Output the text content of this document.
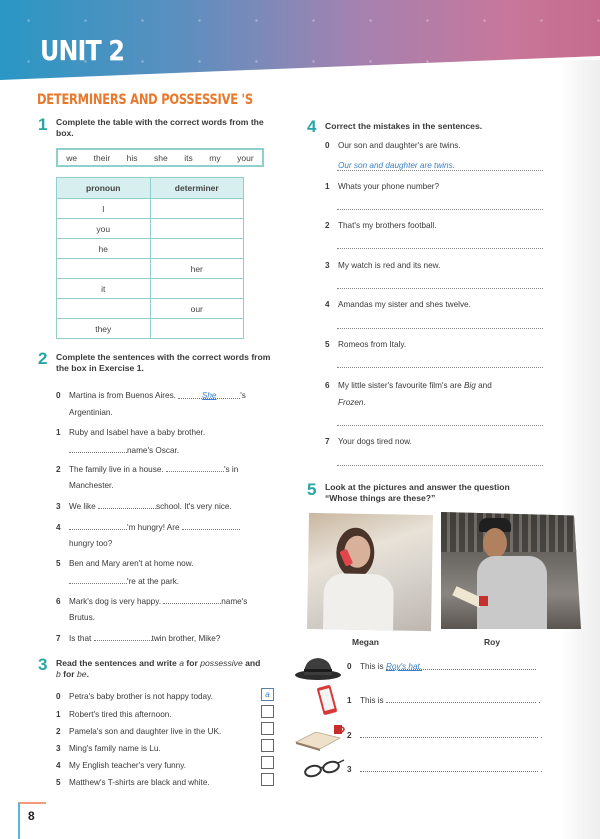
UNIT 2
DETERMINERS AND POSSESSIVE 'S
1 Complete the table with the correct words from the box.
we their his she its my your
pronoun	determiner
I	
you	
he	
	her
it	
	our
they	
2 Complete the sentences with the correct words from the box in Exercise 1.
0 Martina is from Buenos Aires.	She	's
Argentinian.
1 Ruby and Isabel have a baby brother.
name's Oscar.
2 The family live in a house.	's in
Manchester.
3 We like	school. It's very nice.
4	'm hungry! Are
hungry too?
5 Ben and Mary aren't at home now.
're at the park.
6 Mark's dog is very happy.	name's
Brutus.
7 Is that	twin brother, Mike?
3 Read the sentences and write a for possessive and
b for be.
0 Petra's baby brother is not happy today.	a
1 Robert's tired this afternoon.
2 Pamela's son and daughter live in the UK.
3 Ming's family name is Lu.
4 My English teacher's very funny.
5 Matthew's T-shirts are black and white.
4 Correct the mistakes in the sentences.
0 Our son and daughter's are twins.
Our son and daughter are twins.
1 Whats your phone number?
2 That's my brothers football.
3 My watch is red and its new.
4 Amandas my sister and shes twelve.
5 Romeos from Italy.
6 My little sister's favourite film's are Big and
Frozen.
7 Your dogs tired now.
5 Look at the pictures and answer the question “Whose things are these?”
Megan	Roy
0 This is Roy's hat.
1 This is	.
2	.
3	.
8
